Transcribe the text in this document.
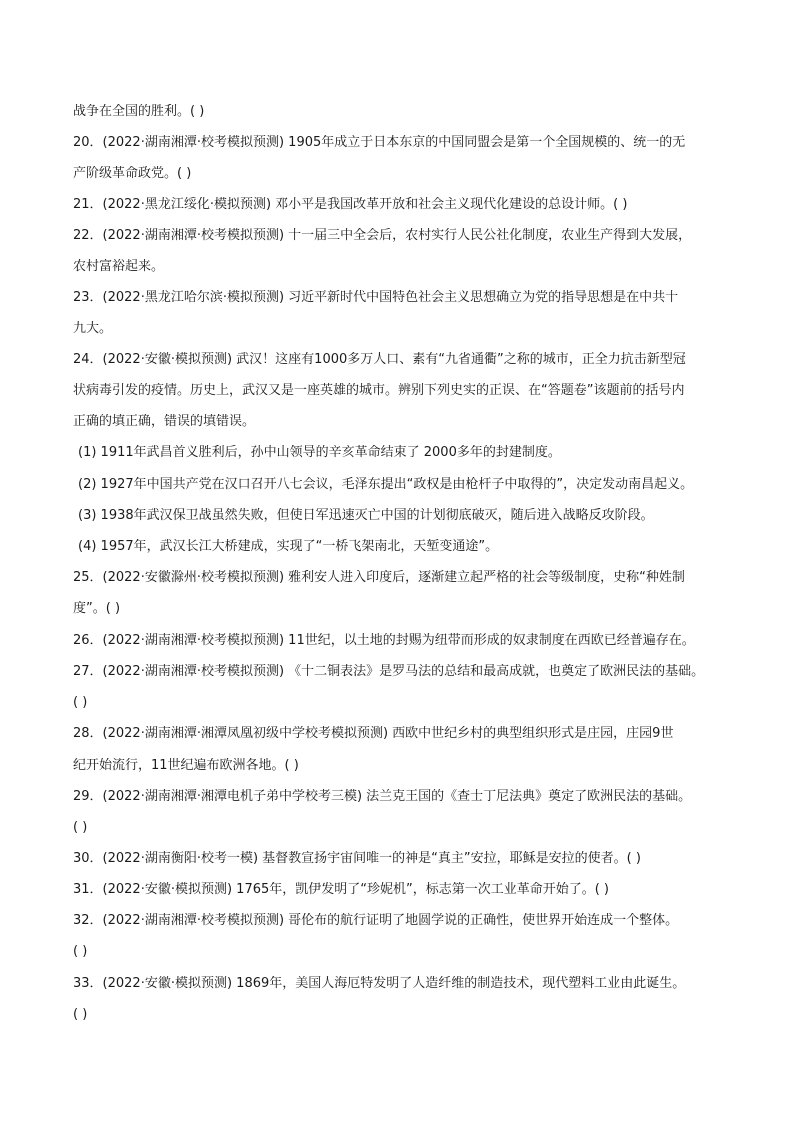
战争在全国的胜利。( )
20．(2022·湖南湘潭·校考模拟预测) 1905年成立于日本东京的中国同盟会是第一个全国规模的、统一的无
产阶级革命政党。( )
21．(2022·黑龙江绥化·模拟预测) 邓小平是我国改革开放和社会主义现代化建设的总设计师。( )
22．(2022·湖南湘潭·校考模拟预测) 十一届三中全会后，农村实行人民公社化制度，农业生产得到大发展，
农村富裕起来。
23．(2022·黑龙江哈尔滨·模拟预测) 习近平新时代中国特色社会主义思想确立为党的指导思想是在中共十
九大。
24．(2022·安徽·模拟预测) 武汉！这座有1000多万人口、素有“九省通衢”之称的城市，正全力抗击新型冠
状病毒引发的疫情。历史上，武汉又是一座英雄的城市。辨别下列史实的正误、在“答题卷”该题前的括号内
正确的填正确，错误的填错误。
(1) 1911年武昌首义胜利后，孙中山领导的辛亥革命结束了 2000多年的封建制度。
(2) 1927年中国共产党在汉口召开八七会议，毛泽东提出“政权是由枪杆子中取得的”，决定发动南昌起义。
(3) 1938年武汉保卫战虽然失败，但使日军迅速灭亡中国的计划彻底破灭，随后进入战略反攻阶段。
(4) 1957年，武汉长江大桥建成，实现了“一桥飞架南北，天堑变通途”。
25．(2022·安徽滁州·校考模拟预测) 雅利安人进入印度后，逐渐建立起严格的社会等级制度，史称“种姓制
度”。( )
26．(2022·湖南湘潭·校考模拟预测) 11世纪，以土地的封赐为纽带而形成的奴隶制度在西欧已经普遍存在。
27．(2022·湖南湘潭·校考模拟预测) 《十二铜表法》是罗马法的总结和最高成就，也奠定了欧洲民法的基础。
( )
28．(2022·湖南湘潭·湘潭凤凰初级中学校考模拟预测) 西欧中世纪乡村的典型组织形式是庄园，庄园9世
纪开始流行，11世纪遍布欧洲各地。( )
29．(2022·湖南湘潭·湘潭电机子弟中学校考三模) 法兰克王国的《查士丁尼法典》奠定了欧洲民法的基础。
( )
30．(2022·湖南衡阳·校考一模) 基督教宣扬宇宙间唯一的神是“真主”安拉，耶稣是安拉的使者。( )
31．(2022·安徽·模拟预测) 1765年，凯伊发明了“珍妮机”，标志第一次工业革命开始了。( )
32．(2022·湖南湘潭·校考模拟预测) 哥伦布的航行证明了地圆学说的正确性，使世界开始连成一个整体。
( )
33．(2022·安徽·模拟预测) 1869年，美国人海厄特发明了人造纤维的制造技术，现代塑料工业由此诞生。
( )
